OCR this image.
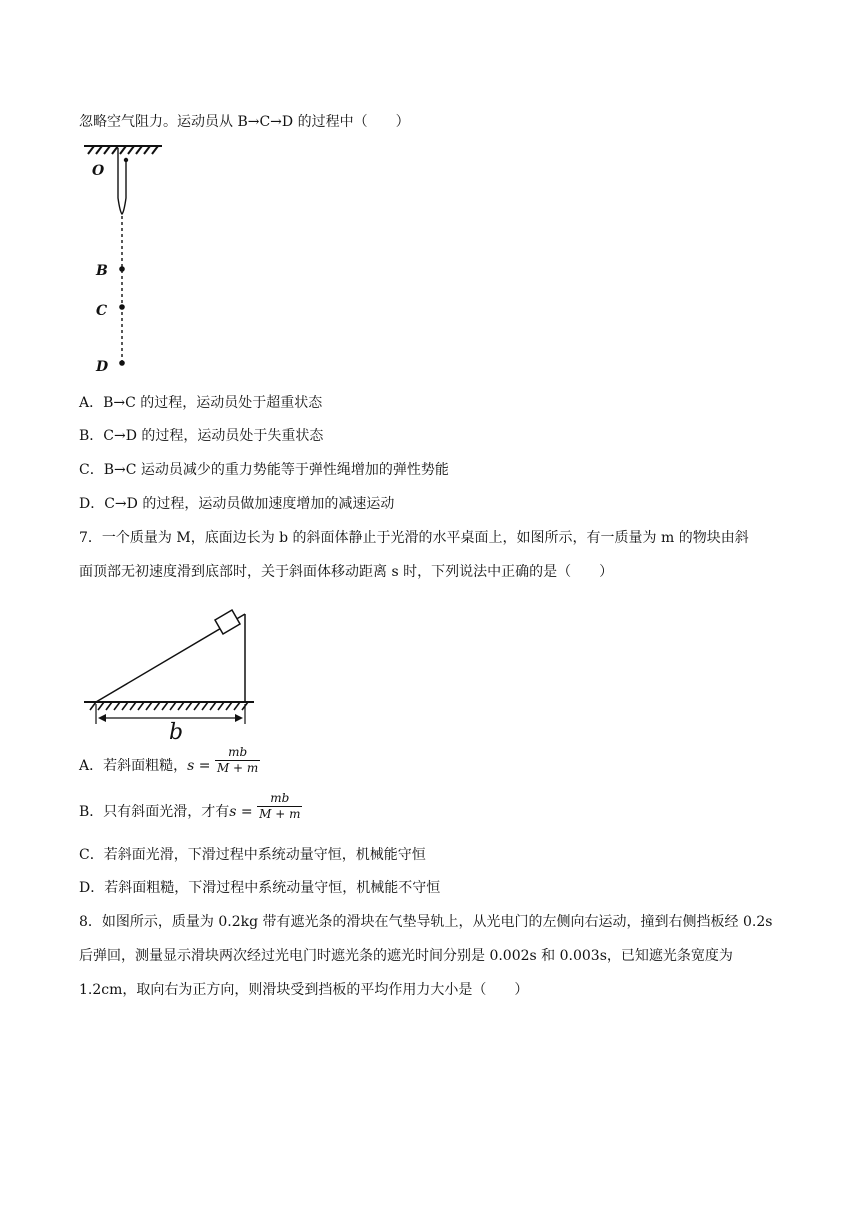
忽略空气阻力。运动员从 B→C→D 的过程中（　　）
O
B
C
D
A．B→C 的过程，运动员处于超重状态
B．C→D 的过程，运动员处于失重状态
C．B→C 运动员减少的重力势能等于弹性绳增加的弹性势能
D．C→D 的过程，运动员做加速度增加的减速运动
7．一个质量为 M，底面边长为 b 的斜面体静止于光滑的水平桌面上，如图所示，有一质量为 m 的物块由斜
面顶部无初速度滑到底部时，关于斜面体移动距离 s 时，下列说法中正确的是（　　）
b
A．若斜面粗糙，$s = \frac{mb}{M + m}$
B．只有斜面光滑，才有$s = \frac{mb}{M + m}$
C．若斜面光滑，下滑过程中系统动量守恒，机械能守恒
D．若斜面粗糙，下滑过程中系统动量守恒，机械能不守恒
8．如图所示，质量为 0.2kg 带有遮光条的滑块在气垫导轨上，从光电门的左侧向右运动，撞到右侧挡板经 0.2s
后弹回，测量显示滑块两次经过光电门时遮光条的遮光时间分别是 0.002s 和 0.003s，已知遮光条宽度为
1.2cm，取向右为正方向，则滑块受到挡板的平均作用力大小是（　　）
